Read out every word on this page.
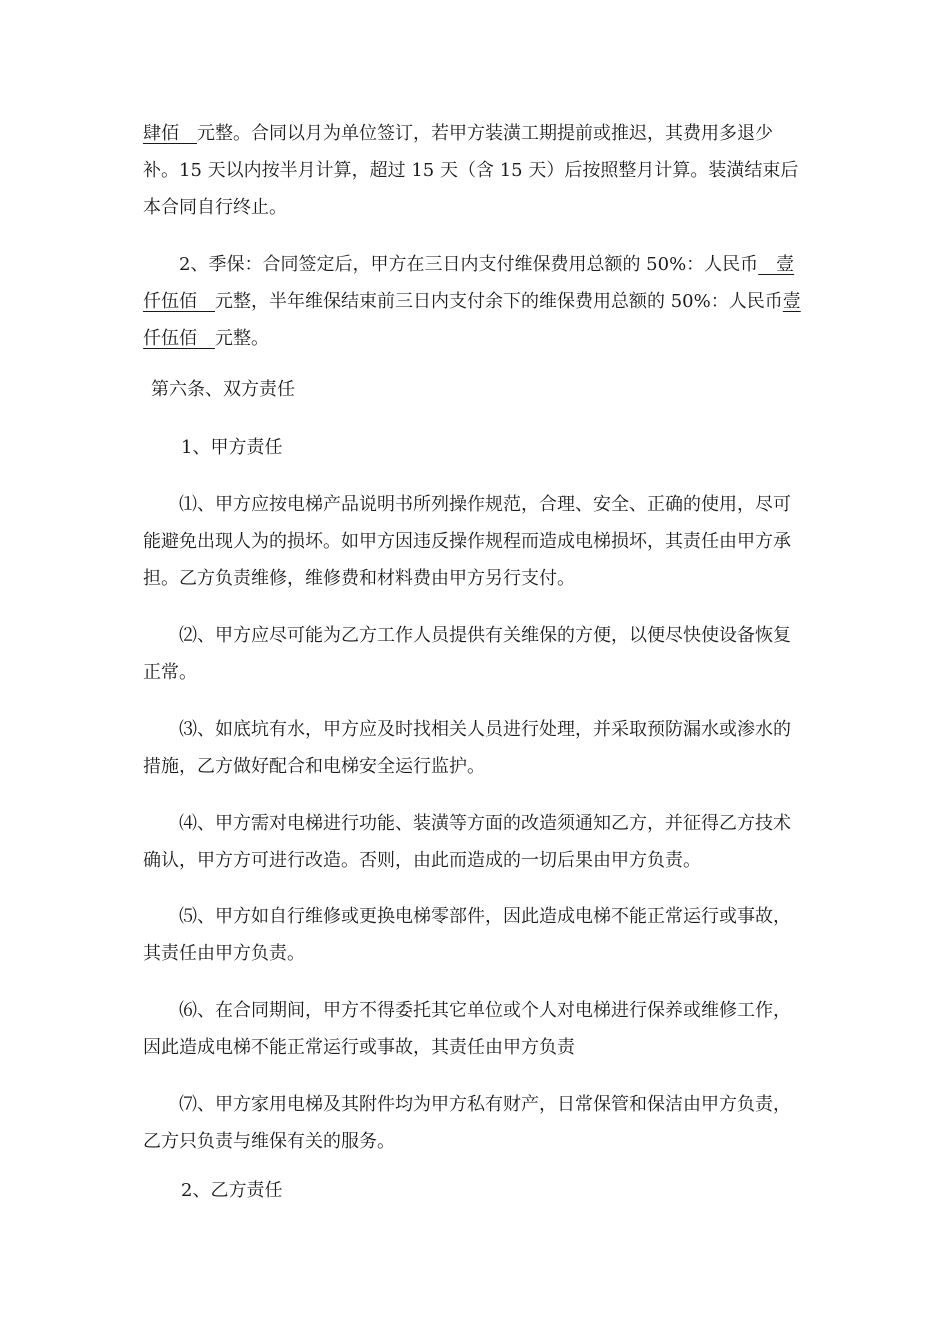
肆佰　元整。合同以月为单位签订，若甲方装潢工期提前或推迟，其费用多退少补。15 天以内按半月计算，超过 15 天（含 15 天）后按照整月计算。装潢结束后本合同自行终止。

　　2、季保：合同签定后，甲方在三日内支付维保费用总额的 50%：人民币　壹仟伍佰　元整，半年维保结束前三日内支付余下的维保费用总额的 50%：人民币壹仟伍佰　元整。

第六条、双方责任

1、甲方责任

⑴、甲方应按电梯产品说明书所列操作规范，合理、安全、正确的使用，尽可能避免出现人为的损坏。如甲方因违反操作规程而造成电梯损坏，其责任由甲方承担。乙方负责维修，维修费和材料费由甲方另行支付。

⑵、甲方应尽可能为乙方工作人员提供有关维保的方便，以便尽快使设备恢复正常。

⑶、如底坑有水，甲方应及时找相关人员进行处理，并采取预防漏水或渗水的措施，乙方做好配合和电梯安全运行监护。

⑷、甲方需对电梯进行功能、装潢等方面的改造须通知乙方，并征得乙方技术确认，甲方方可进行改造。否则，由此而造成的一切后果由甲方负责。

⑸、甲方如自行维修或更换电梯零部件，因此造成电梯不能正常运行或事故，其责任由甲方负责。

⑹、在合同期间，甲方不得委托其它单位或个人对电梯进行保养或维修工作，因此造成电梯不能正常运行或事故，其责任由甲方负责

⑺、甲方家用电梯及其附件均为甲方私有财产，日常保管和保洁由甲方负责，乙方只负责与维保有关的服务。

2、乙方责任
